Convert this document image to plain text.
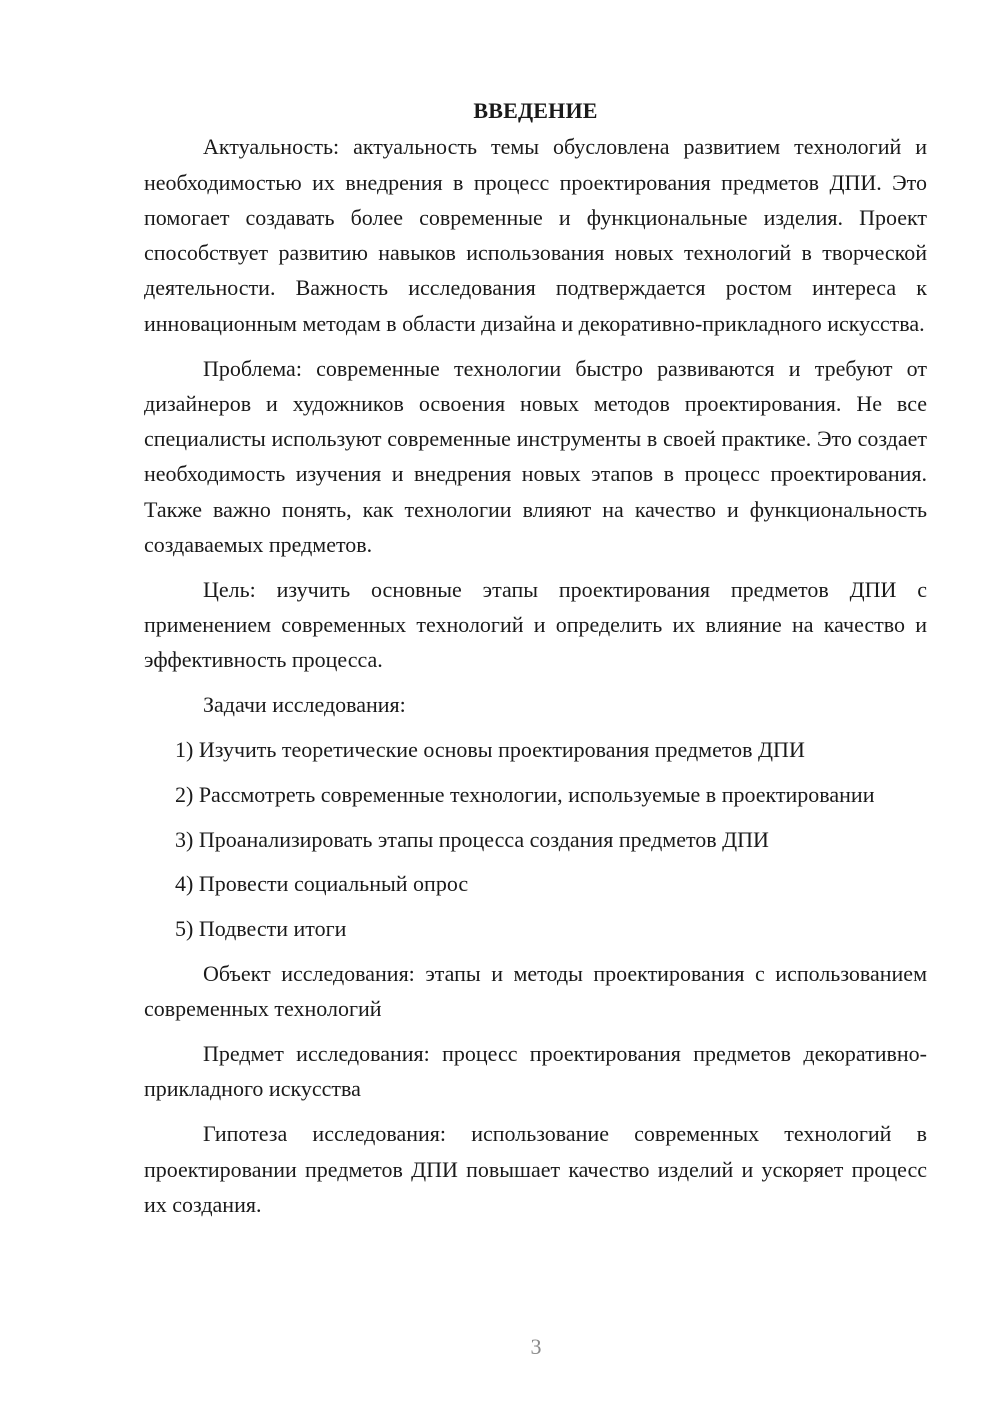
ВВЕДЕНИЕ

Актуальность: актуальность темы обусловлена развитием технологий и необходимостью их внедрения в процесс проектирования предметов ДПИ. Это помогает создавать более современные и функциональные изделия. Проект способствует развитию навыков использования новых технологий в творческой деятельности. Важность исследования подтверждается ростом интереса к инновационным методам в области дизайна и декоративно-прикладного искусства.

Проблема: современные технологии быстро развиваются и требуют от дизайнеров и художников освоения новых методов проектирования. Не все специалисты используют современные инструменты в своей практике. Это создает необходимость изучения и внедрения новых этапов в процесс проектирования. Также важно понять, как технологии влияют на качество и функциональность создаваемых предметов.

Цель: изучить основные этапы проектирования предметов ДПИ с применением современных технологий и определить их влияние на качество и эффективность процесса.

Задачи исследования:

1) Изучить теоретические основы проектирования предметов ДПИ

2) Рассмотреть современные технологии, используемые в проектировании

3) Проанализировать этапы процесса создания предметов ДПИ

4) Провести социальный опрос

5) Подвести итоги

Объект исследования: этапы и методы проектирования с использованием современных технологий

Предмет исследования: процесс проектирования предметов декоративно-прикладного искусства

Гипотеза исследования: использование современных технологий в проектировании предметов ДПИ повышает качество изделий и ускоряет процесс их создания.

3
